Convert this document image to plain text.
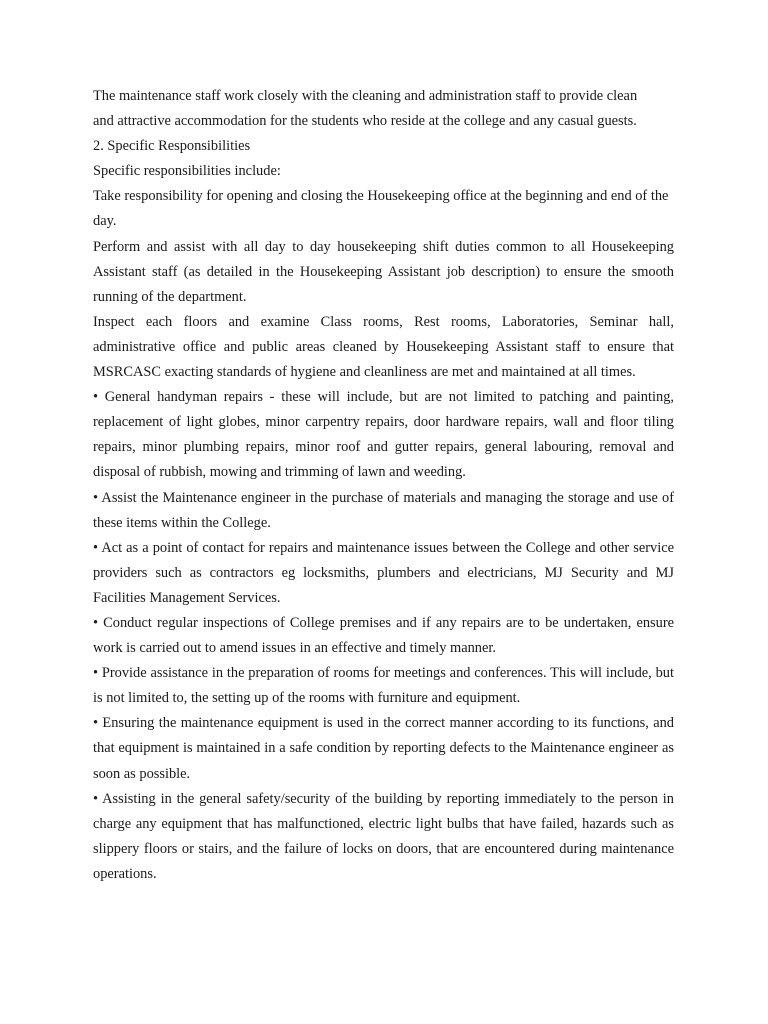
The maintenance staff work closely with the cleaning and administration staff to provide clean and attractive accommodation for the students who reside at the college and any casual guests.

2. Specific Responsibilities

Specific responsibilities include:

Take responsibility for opening and closing the Housekeeping office at the beginning and end of the day.

Perform and assist with all day to day housekeeping shift duties common to all Housekeeping Assistant staff (as detailed in the Housekeeping Assistant job description) to ensure the smooth running of the department.

Inspect each floors and examine Class rooms, Rest rooms, Laboratories, Seminar hall, administrative office and public areas cleaned by Housekeeping Assistant staff to ensure that MSRCASC exacting standards of hygiene and cleanliness are met and maintained at all times.

• General handyman repairs - these will include, but are not limited to patching and painting, replacement of light globes, minor carpentry repairs, door hardware repairs, wall and floor tiling repairs, minor plumbing repairs, minor roof and gutter repairs, general labouring, removal and disposal of rubbish, mowing and trimming of lawn and weeding.

• Assist the Maintenance engineer in the purchase of materials and managing the storage and use of these items within the College.

• Act as a point of contact for repairs and maintenance issues between the College and other service providers such as contractors eg locksmiths, plumbers and electricians, MJ Security and MJ Facilities Management Services.

• Conduct regular inspections of College premises and if any repairs are to be undertaken, ensure work is carried out to amend issues in an effective and timely manner.

• Provide assistance in the preparation of rooms for meetings and conferences. This will include, but is not limited to, the setting up of the rooms with furniture and equipment.

• Ensuring the maintenance equipment is used in the correct manner according to its functions, and that equipment is maintained in a safe condition by reporting defects to the Maintenance engineer as soon as possible.

• Assisting in the general safety/security of the building by reporting immediately to the person in charge any equipment that has malfunctioned, electric light bulbs that have failed, hazards such as slippery floors or stairs, and the failure of locks on doors, that are encountered during maintenance operations.
